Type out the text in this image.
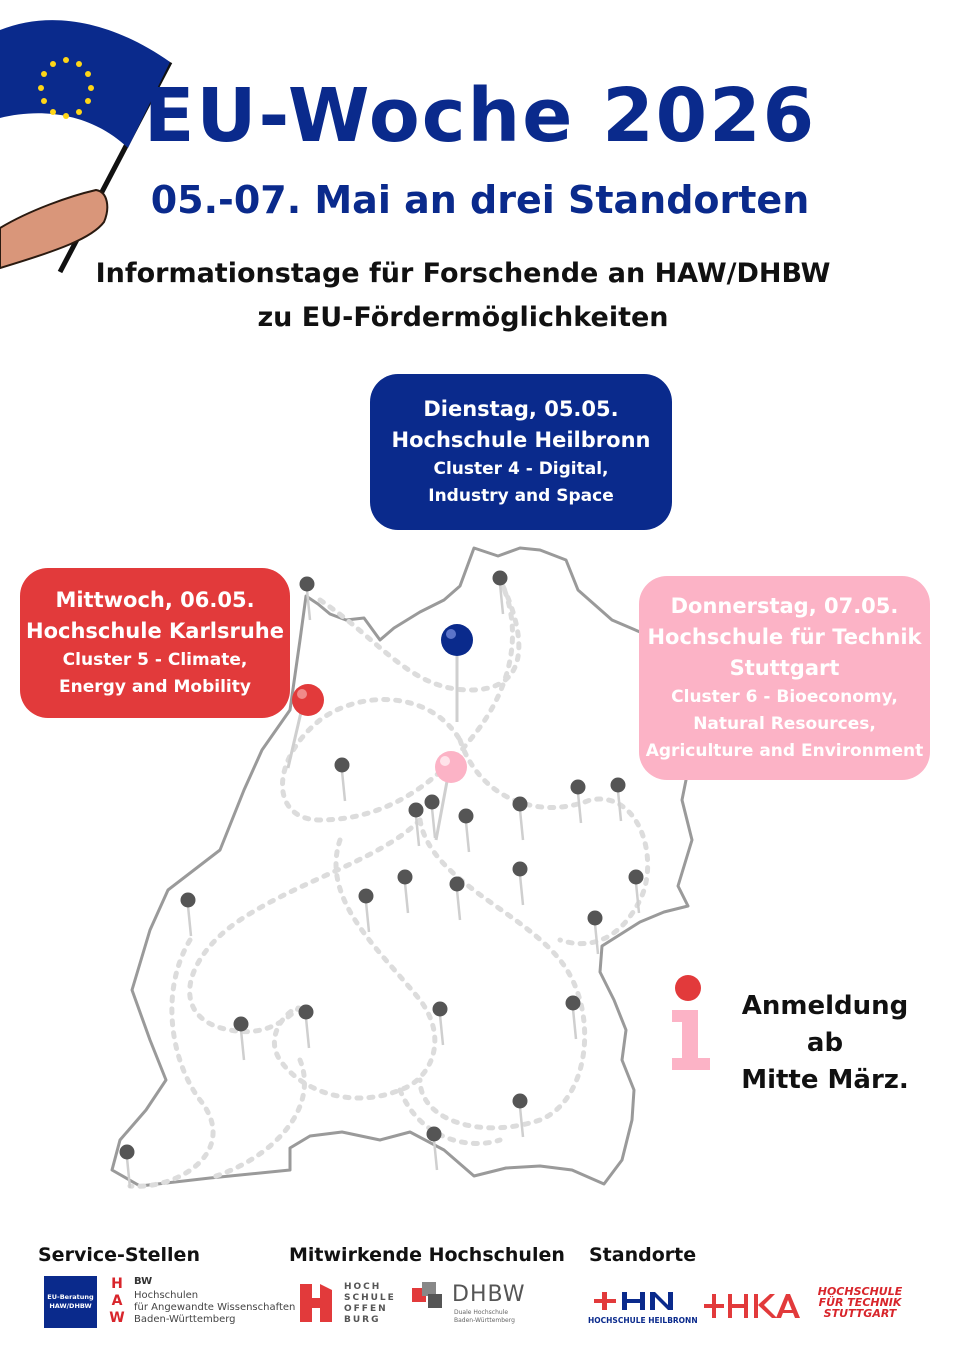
EU-Woche 2026
05.-07. Mai an drei Standorten

Informationstage für Forschende an HAW/DHBW
zu EU-Fördermöglichkeiten

Dienstag, 05.05.
Hochschule Heilbronn
Cluster 4 - Digital,
Industry and Space
Mittwoch, 06.05.
Hochschule Karlsruhe
Cluster 5 - Climate,
Energy and Mobility
Donnerstag, 07.05.
Hochschule für Technik
Stuttgart
Cluster 6 - Bioeconomy,
Natural Resources,
Agriculture and Environment
Anmeldung ab
Mitte März.
Service-Stellen	Mitwirkende Hochschulen Standorte
EU-Beratung
HAW/DHBW
H
A
W
BW
Hochschulen
für Angewandte Wissenschaften
Baden-Württemberg
HOCH
SCHULE
OFFEN
BURG
DHBW
Duale Hochschule
Baden-Württemberg	HOCHSCHULE HEILBRONN
HOCHSCHULE
FÜR TECHNIK
STUTTGART
